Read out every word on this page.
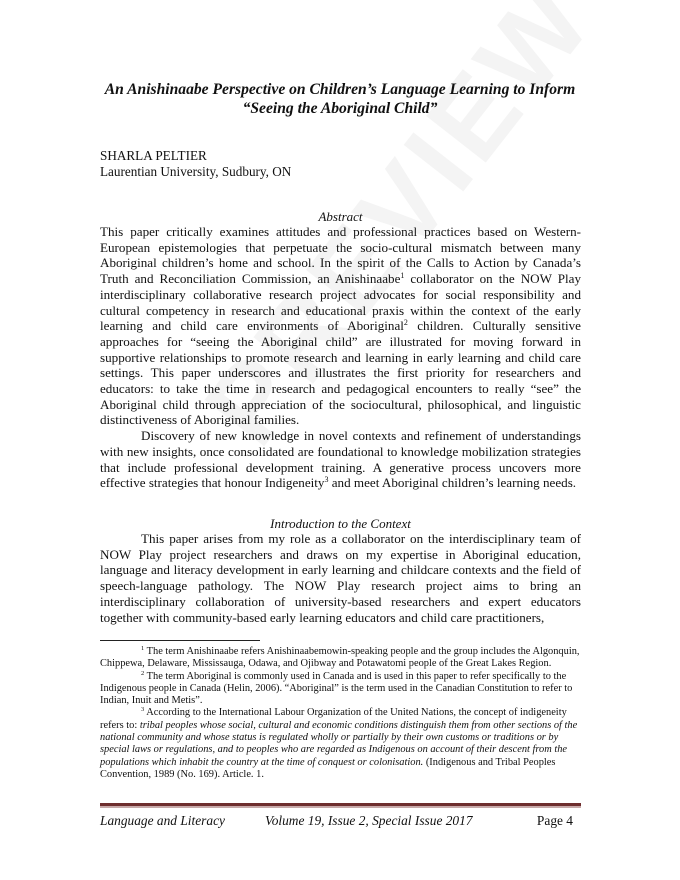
An Anishinaabe Perspective on Children’s Language Learning to Inform
“Seeing the Aboriginal Child”
SHARLA PELTIER
Laurentian University, Sudbury, ON
Abstract

This paper critically examines attitudes and professional practices based on Western-European epistemologies that perpetuate the socio-cultural mismatch between many Aboriginal children’s home and school. In the spirit of the Calls to Action by Canada’s Truth and Reconciliation Commission, an Anishinaabe$^1$ collaborator on the NOW Play interdisciplinary collaborative research project advocates for social responsibility and cultural competency in research and educational praxis within the context of the early learning and child care environments of Aboriginal$^2$ children. Culturally sensitive approaches for “seeing the Aboriginal child” are illustrated for moving forward in supportive relationships to promote research and learning in early learning and child care settings. This paper underscores and illustrates the first priority for researchers and educators: to take the time in research and pedagogical encounters to really “see” the Aboriginal child through appreciation of the sociocultural, philosophical, and linguistic distinctiveness of Aboriginal families.

Discovery of new knowledge in novel contexts and refinement of understandings with new insights, once consolidated are foundational to knowledge mobilization strategies that include professional development training. A generative process uncovers more effective strategies that honour Indigeneity$^3$ and meet Aboriginal children’s learning needs.

Introduction to the Context

This paper arises from my role as a collaborator on the interdisciplinary team of NOW Play project researchers and draws on my expertise in Aboriginal education, language and literacy development in early learning and childcare contexts and the field of speech-language pathology. The NOW Play research project aims to bring an interdisciplinary collaboration of university-based researchers and expert educators together with community-based early learning educators and child care practitioners,

$^1$ The term Anishinaabe refers Anishinaabemowin-speaking people and the group includes the Algonquin, Chippewa, Delaware, Mississauga, Odawa, and Ojibway and Potawatomi people of the Great Lakes Region.

$^2$ The term Aboriginal is commonly used in Canada and is used in this paper to refer specifically to the Indigenous people in Canada (Helin, 2006). “Aboriginal” is the term used in the Canadian Constitution to refer to Indian, Inuit and Metis”.

$^3$ According to the International Labour Organization of the United Nations, the concept of indigeneity refers to: tribal peoples whose social, cultural and economic conditions distinguish them from other sections of the national community and whose status is regulated wholly or partially by their own customs or traditions or by special laws or regulations, and to peoples who are regarded as Indigenous on account of their descent from the populations which inhabit the country at the time of conquest or colonisation. (Indigenous and Tribal Peoples Convention, 1989 (No. 169). Article. 1.

Language and Literacy	Volume 19, Issue 2, Special Issue 2017	Page 4
